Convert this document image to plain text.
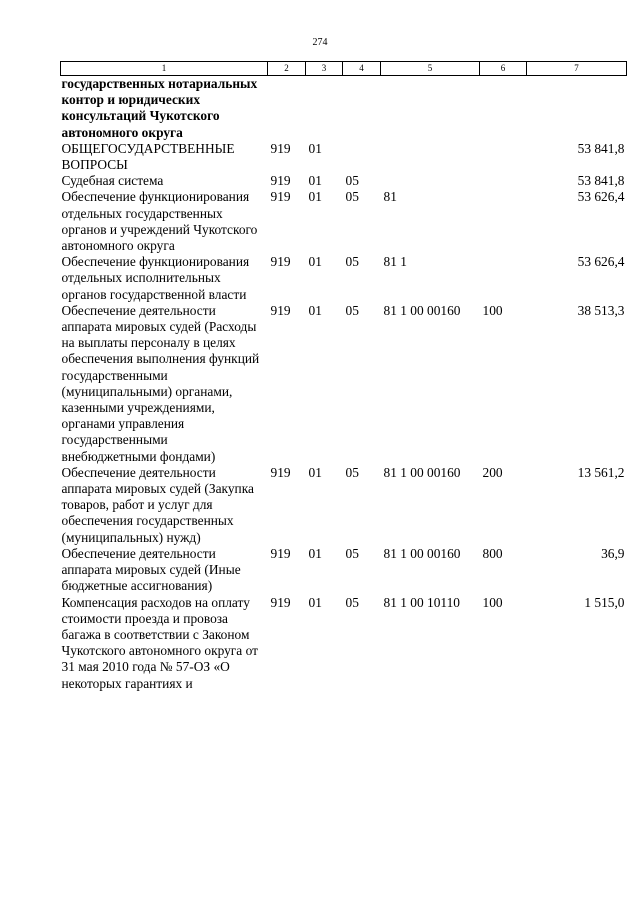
274
1	2	3	4	5	6	7
государственных нотариальных контор и юридических консультаций Чукотского автономного округа						
ОБЩЕГОСУДАРСТВЕННЫЕ ВОПРОСЫ	919	01				53 841,8
Судебная система	919	01	05			53 841,8
Обеспечение функционирования отдельных государственных органов и учреждений Чукотского автономного округа	919	01	05	81		53 626,4
Обеспечение функционирования отдельных исполнительных органов государственной власти	919	01	05	81 1		53 626,4
Обеспечение деятельности аппарата мировых судей (Расходы на выплаты персоналу в целях обеспечения выполнения функций государственными (муниципальными) органами, казенными учреждениями, органами управления государственными внебюджетными фондами)	919	01	05	81 1 00 00160	100	38 513,3
Обеспечение деятельности аппарата мировых судей (Закупка товаров, работ и услуг для обеспечения государственных (муниципальных) нужд)	919	01	05	81 1 00 00160	200	13 561,2
Обеспечение деятельности аппарата мировых судей (Иные бюджетные ассигнования)	919	01	05	81 1 00 00160	800	36,9
Компенсация расходов на оплату стоимости проезда и провоза багажа в соответствии с Законом Чукотского автономного округа от 31 мая 2010 года № 57-ОЗ «О некоторых гарантиях и	919	01	05	81 1 00 10110	100	1 515,0
